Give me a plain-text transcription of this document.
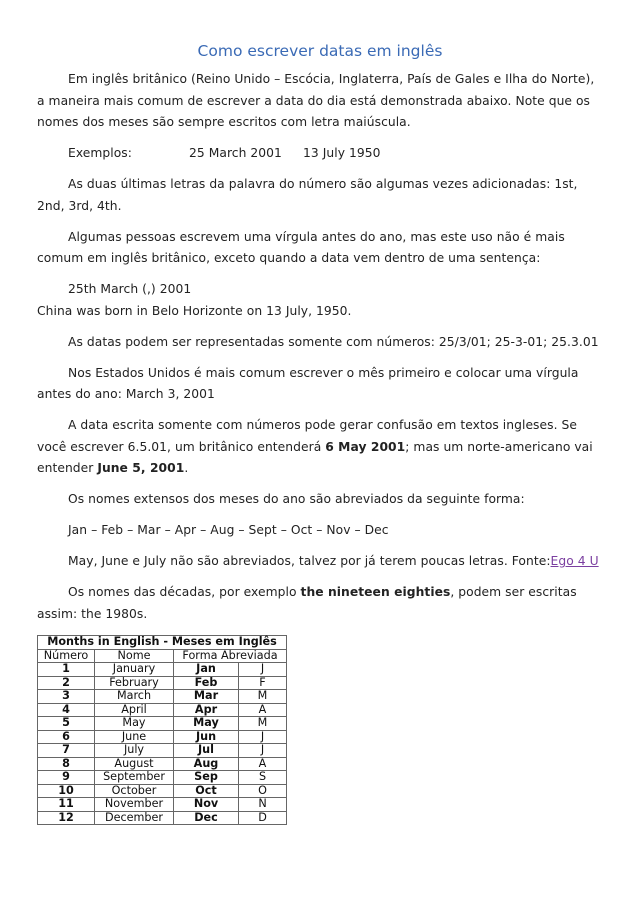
Como escrever datas em inglês

Em inglês britânico (Reino Unido – Escócia, Inglaterra, País de Gales e Ilha do Norte), a maneira mais comum de escrever a data do dia está demonstrada abaixo. Note que os nomes dos meses são sempre escritos com letra maiúscula.

Exemplos:	25 March 2001 13 July 1950

As duas últimas letras da palavra do número são algumas vezes adicionadas: 1st, 2nd, 3rd, 4th.

Algumas pessoas escrevem uma vírgula antes do ano, mas este uso não é mais comum em inglês britânico, exceto quando a data vem dentro de uma sentença:

25th March (,) 2001

China was born in Belo Horizonte on 13 July, 1950.

As datas podem ser representadas somente com números: 25/3/01; 25-3-01; 25.3.01

Nos Estados Unidos é mais comum escrever o mês primeiro e colocar uma vírgula antes do ano: March 3, 2001

A data escrita somente com números pode gerar confusão em textos ingleses. Se você escrever 6.5.01, um britânico entenderá 6 May 2001; mas um norte-americano vai entender June 5, 2001.

Os nomes extensos dos meses do ano são abreviados da seguinte forma:

Jan – Feb – Mar – Apr – Aug – Sept – Oct – Nov – Dec

May, June e July não são abreviados, talvez por já terem poucas letras. Fonte:Ego 4 U

Os nomes das décadas, por exemplo the nineteen eighties, podem ser escritas assim: the 1980s.

Months in English - Meses em Inglês			
Número	Nome	Forma Abreviada	
1	January	Jan	J
2	February	Feb	F
3	March	Mar	M
4	April	Apr	A
5	May	May	M
6	June	Jun	J
7	July	Jul	J
8	August	Aug	A
9	September	Sep	S
10	October	Oct	O
11	November	Nov	N
12	December	Dec	D
